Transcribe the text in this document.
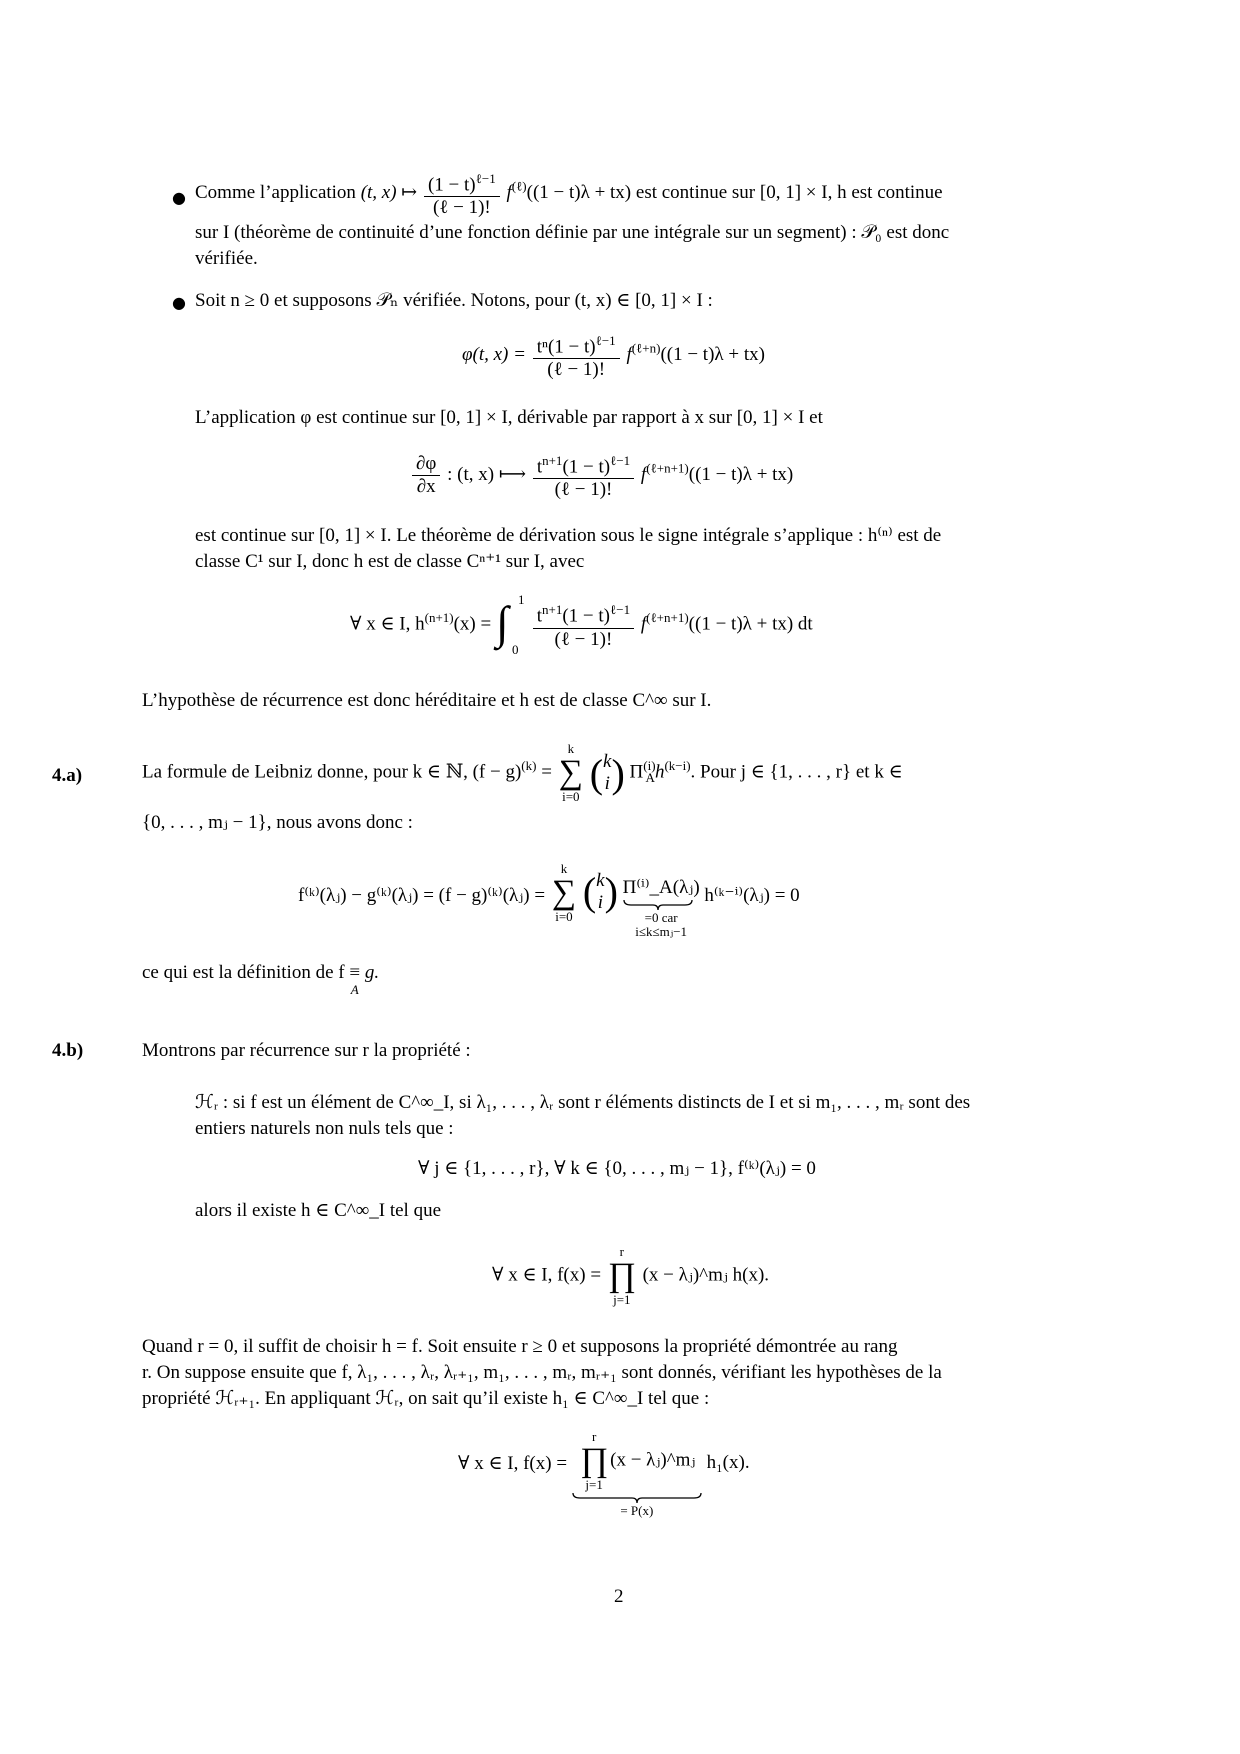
● Comme l’application (t, x) ↦ $\frac{(1 - t)^{\ell-1}}{\text{(ℓ − 1)!}} f^{(\ell)}((1 - t)\lambda + tx)$ est continue sur [0, 1] × I, h est continue
sur I (théorème de continuité d’une fonction définie par une intégrale sur un segment) : 𝒫₀ est donc
vérifiée.
● Soit n ≥ 0 et supposons 𝒫ₙ vérifiée. Notons, pour (t, x) ∈ [0, 1] × I :
φ(t, $x) = \frac{t^n(1 - t)^{\ell-1}}{\text{(ℓ − 1)!}} f^{(\ell+n)}((1 - t)\lambda + tx)$
L’application φ est continue sur [0, 1] × I, dérivable par rapport à x sur [0, 1] × I et
$\frac{\partial\varphi}{\partial x}$ : (t, x) ⟼ $\frac{t^{n+1}(1 - t)^{\ell-1}}{\text{(ℓ − 1)!}} f^{(\ell+n+1)}((1 - t)\lambda + tx)$
est continue sur [0, 1] × I. Le théorème de dérivation sous le signe intégrale s’applique : h⁽ⁿ⁾ est de
classe C¹ sur I, donc h est de classe Cⁿ⁺¹ sur I, avec
∀ x ∈ I, $h^{(n+1)}(x)$ = ∫ 1
0
$\frac{t^{n+1}(1 - t)^{\ell-1}}{\text{(ℓ − 1)!}} f^{(\ell+n+1)}((1 - t)\lambda + tx)$ dt
L’hypothèse de récurrence est donc héréditaire et h est de classe C^∞ sur I.
4.a)	La formule de Leibniz donne, pour k ∈ ℕ, $(f - g)^{(k)}$ =
k
∑
i=0
(k
i) $\Pi^{(i)}_Ah^{(k-i)}$. Pour j ∈ {1, . . . , r} et k ∈
{0, . . . , mⱼ − 1}, nous avons donc :
f⁽ᵏ⁾(λⱼ) − g⁽ᵏ⁾(λⱼ) = (f − g)⁽ᵏ⁾(λⱼ) =
k
∑
i=0
(k
i) Π⁽ⁱ⁾_A(λⱼ)
=0 car
i≤k≤mⱼ−1
h⁽ᵏ⁻ⁱ⁾(λⱼ) = 0
ce qui est la définition de f ≡
A
g.
4.b)	Montrons par récurrence sur r la propriété :
ℋᵣ : si f est un élément de C^∞_I, si λ₁, . . . , λᵣ sont r éléments distincts de I et si m₁, . . . , mᵣ sont des
entiers naturels non nuls tels que :
∀ j ∈ {1, . . . , r}, ∀ k ∈ {0, . . . , mⱼ − 1}, f⁽ᵏ⁾(λⱼ) = 0
alors il existe h ∈ C^∞_I tel que
∀ x ∈ I, f(x) =
r
∏
j=1
(x − λⱼ)^mⱼ h(x).
Quand r = 0, il suffit de choisir h = f. Soit ensuite r ≥ 0 et supposons la propriété démontrée au rang
r. On suppose ensuite que f, λ₁, . . . , λᵣ, λᵣ₊₁, m₁, . . . , mᵣ, mᵣ₊₁ sont donnés, vérifiant les hypothèses de la
propriété ℋᵣ₊₁. En appliquant ℋᵣ, on sait qu’il existe h₁ ∈ C^∞_I tel que :
∀ x ∈ I, f(x) =
r
∏
j=1
(x − λⱼ)^mⱼ
= P(x)
h₁(x).
2
